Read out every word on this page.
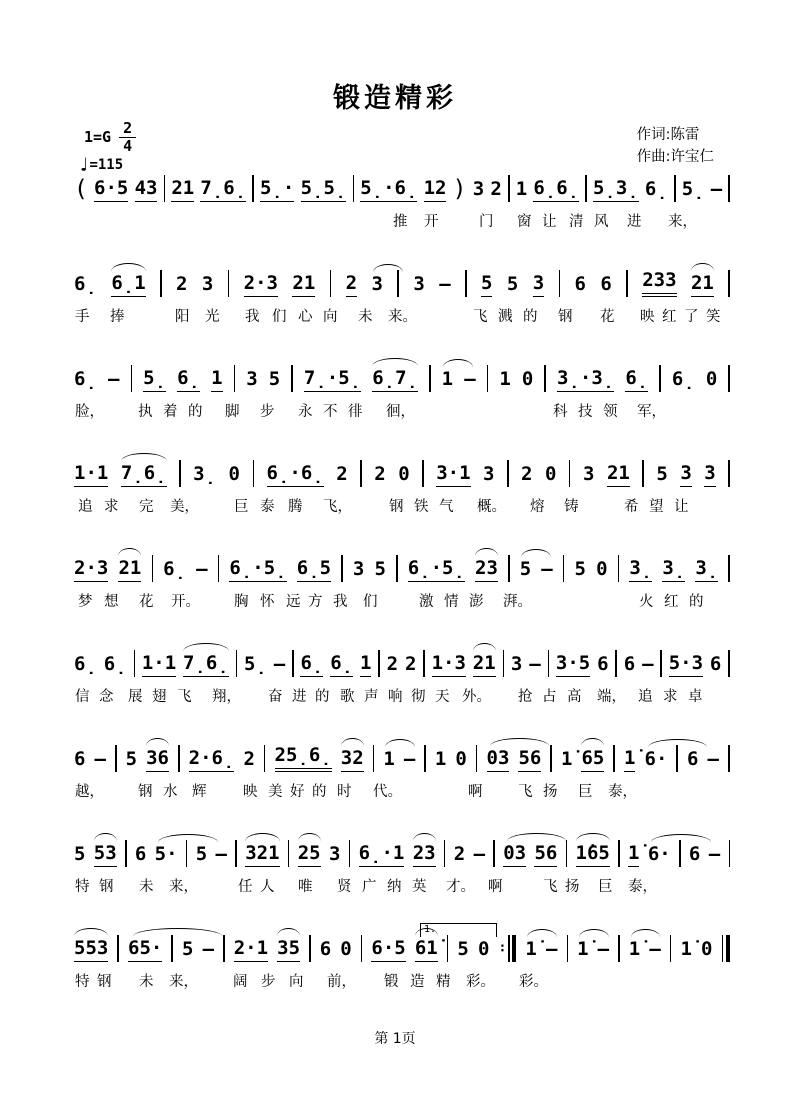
锻造精彩
$1=G \frac{2}{4}$
♩=115
作词:陈雷
作曲:许宝仁
( 6·5 43 21 7̣6̣ 5̣· 5̣5̣ 5̣·6̣ 12 ) 3 2 1 6̣6̣ 5̣3̣ 6̣ 5̣ —
推 开	门 窗 让 清 风 进 来，
6̣ 6̣1 2 3 2·3 21 2 3 3 — 5 5 3 6 6 233 21
手 捧	阳 光 我 们 心 向 未 来。	飞 溅 的 钢 花 映 红 了 笑
6̣ — 5̣ 6̣ 1 3 5 7̣·5̣ 6̣7̣ 1 — 1 0 3̣·3̣ 6̣ 6̣ 0
脸， 执 着 的 脚 步 永 不 徘 徊，	科 技 领 军，
1·1 7̣6̣ 3̣ 0 6̣·6̣ 2 2 0 3·1 3 2 0 3 21 5 3 3
追 求 完 美， 巨 泰 腾 飞，	钢 铁 气 概。 熔 铸	希 望 让
2·3 21 6̣ — 6̣·5̣ 6̣5 3 5 6̣·5̣ 23 5 — 5 0 3̣ 3̣ 3̣
梦 想 花 开。 胸 怀 远 方 我 们	激 情 澎 湃。	火 红 的
6̣ 6̣ 1·1 7̣6̣ 5̣ — 6̣ 6̣ 1 2 2 1·3 21 3 — 3·5 6 6 — 5·3 6
信 念 展 翅 飞 翔， 奋 进 的 歌 声 响 彻 天 外。 抢 占 高 端， 追 求 卓
6 — 5 36 2·6̣ 2 25̣6̣ 32 1 — 1 0 03 56 1̇ 65 1̇ 6· 6 —
越， 钢 水 辉	映 美 好 的 时 代。	啊 飞 扬 巨 泰，
5 53 6 5· 5 — 321 25 3 6̣·1 23 2 — 03 56 1̇65 1̇ 6· 6 —
特 钢 未 来，	任 人 唯 贤 广 纳 英 才。 啊	飞 扬 巨 泰，
553 65· 5 — 2·1 35 6 0 6·5 61̇ 5 0 ∶ 1̇ — 1̇ — 1̇ — 1̇ 0
特 钢 未 来， 阔 步 向 前， 锻 造 精 彩。 彩。
1.
第 1页
